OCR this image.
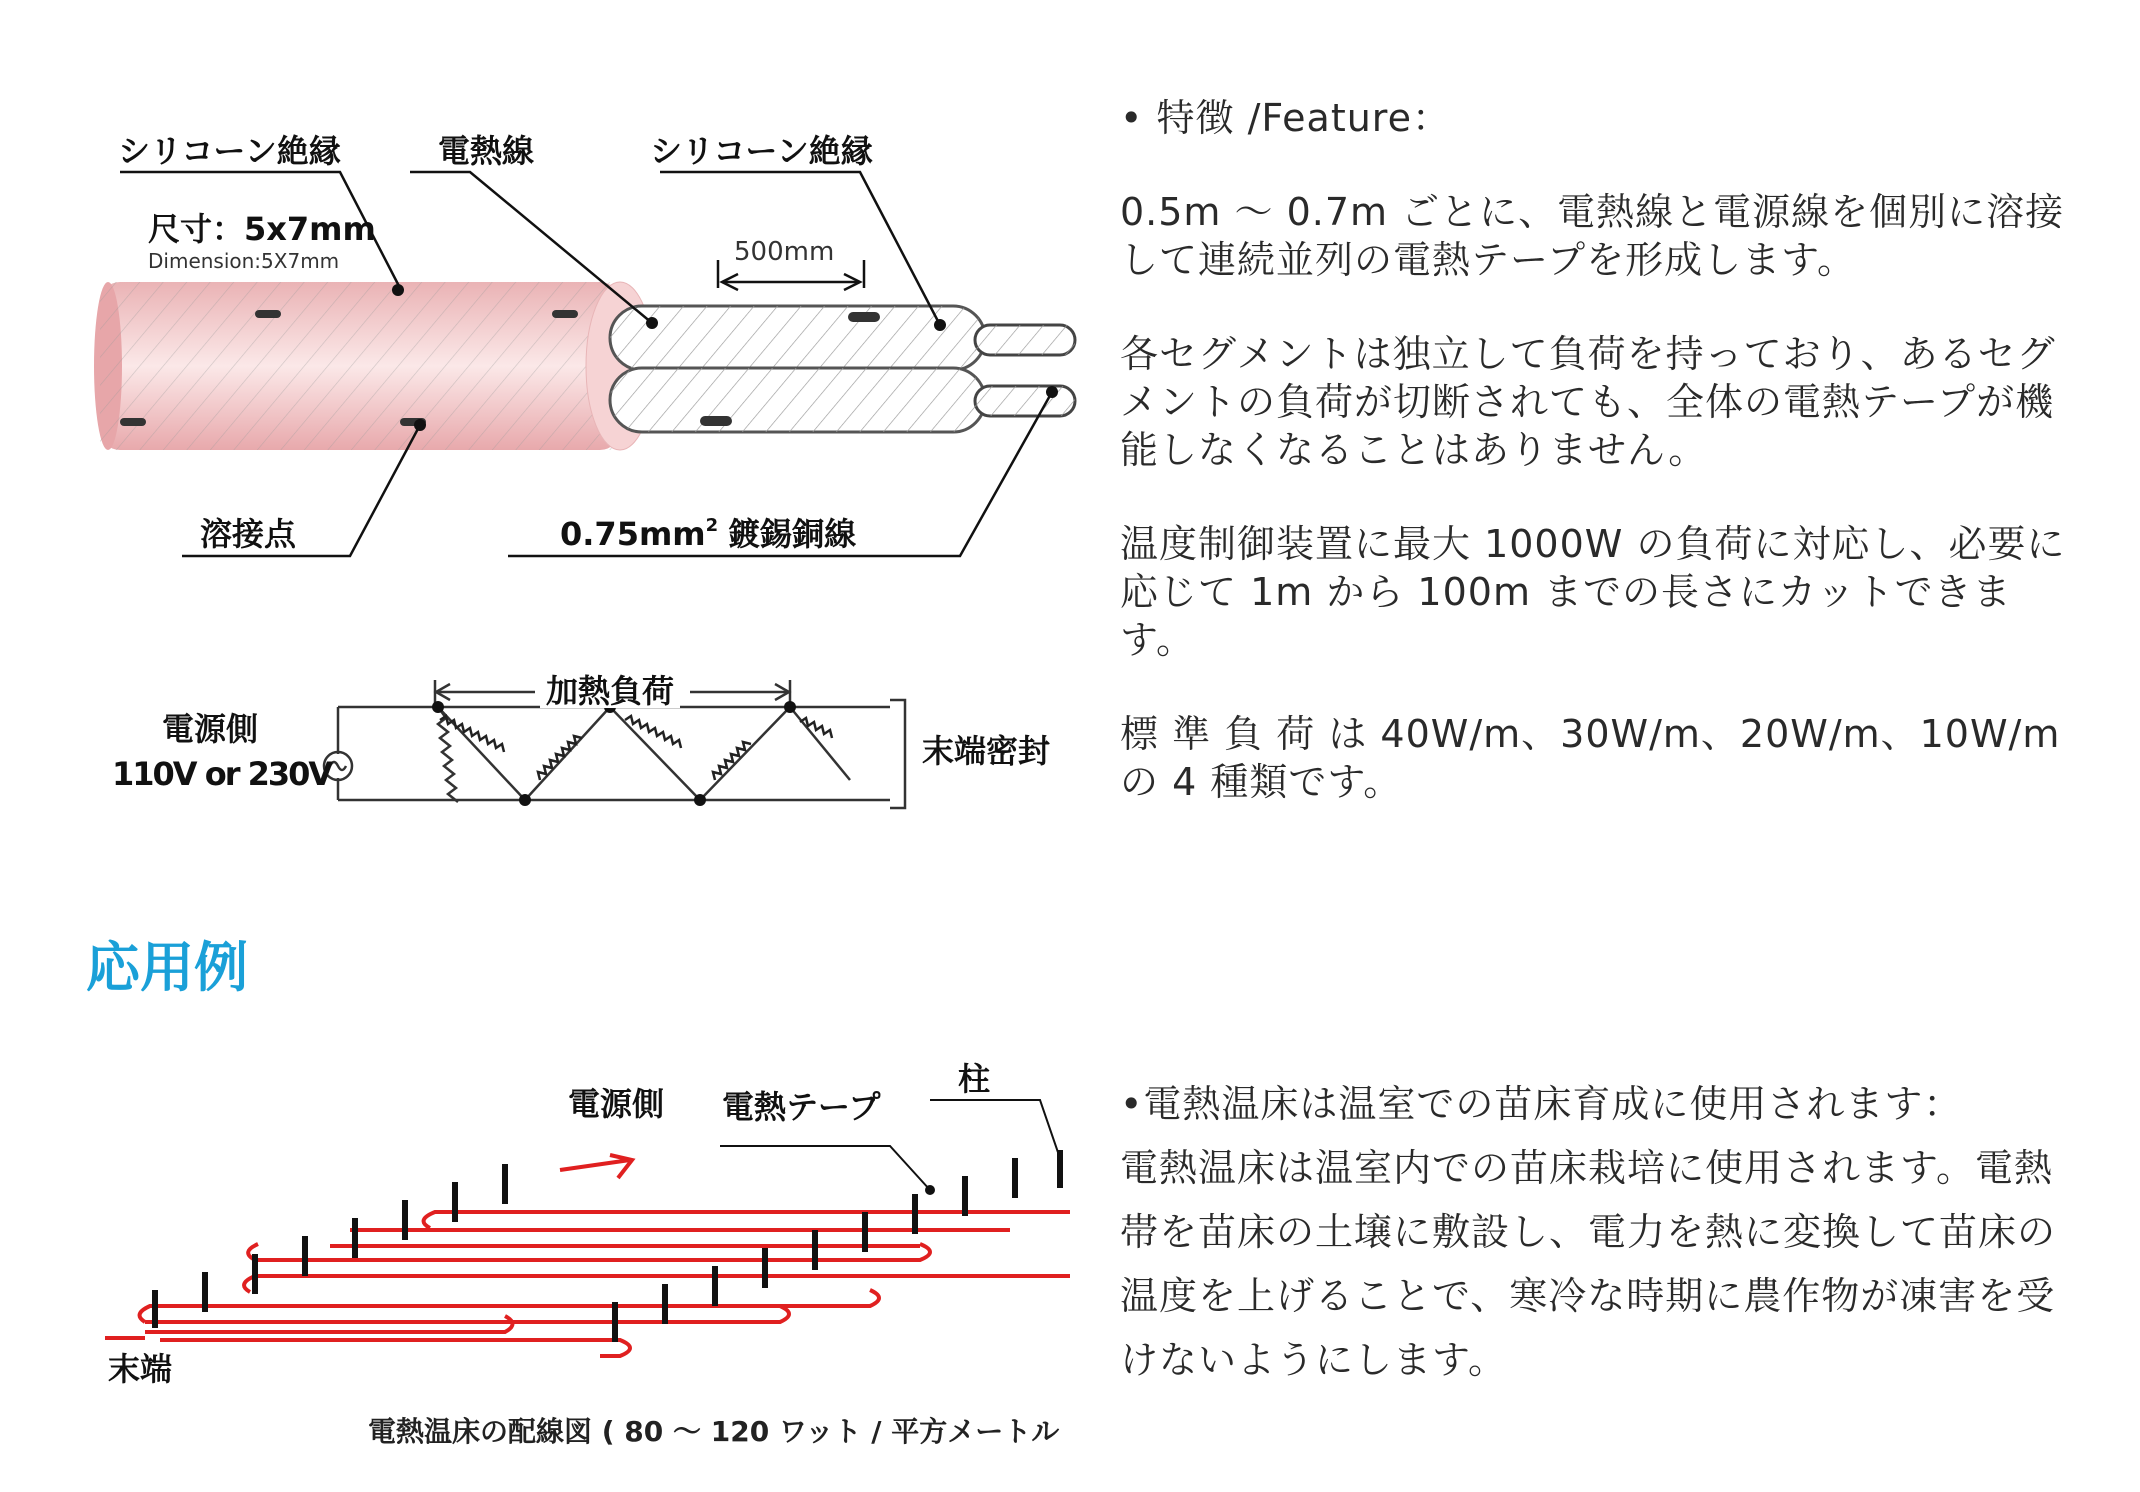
シリコーン絶縁	電熱線	シリコーン絶縁
尺寸：5x7mm
Dimension:5X7mm	500mm
溶接点	$0.75mm^2$ 鍍錫銅線
加熱負荷
電源側
110V or 230V
末端密封

• 特徴 /Feature：

0.5m ～ 0.7m ごとに、電熱線と電源線を個別に溶接して連続並列の電熱テープを形成します。

各セグメントは独立して負荷を持っており、あるセグメントの負荷が切断されても、全体の電熱テープが機能しなくなることはありません。

温度制御装置に最大 1000W の負荷に対応し、必要に応じて 1m から 100m までの長さにカットできます。

標 準 負 荷 は 40W/m、30W/m、20W/m、10W/m の 4 種類です。

応用例
電源側 電熱テープ
柱
末端
電熱温床の配線図 ( 80 ～ 120 ワット / 平方メートル

•電熱温床は温室での苗床育成に使用されます：

電熱温床は温室内での苗床栽培に使用されます。電熱帯を苗床の土壌に敷設し、電力を熱に変換して苗床の温度を上げることで、寒冷な時期に農作物が凍害を受けないようにします。
